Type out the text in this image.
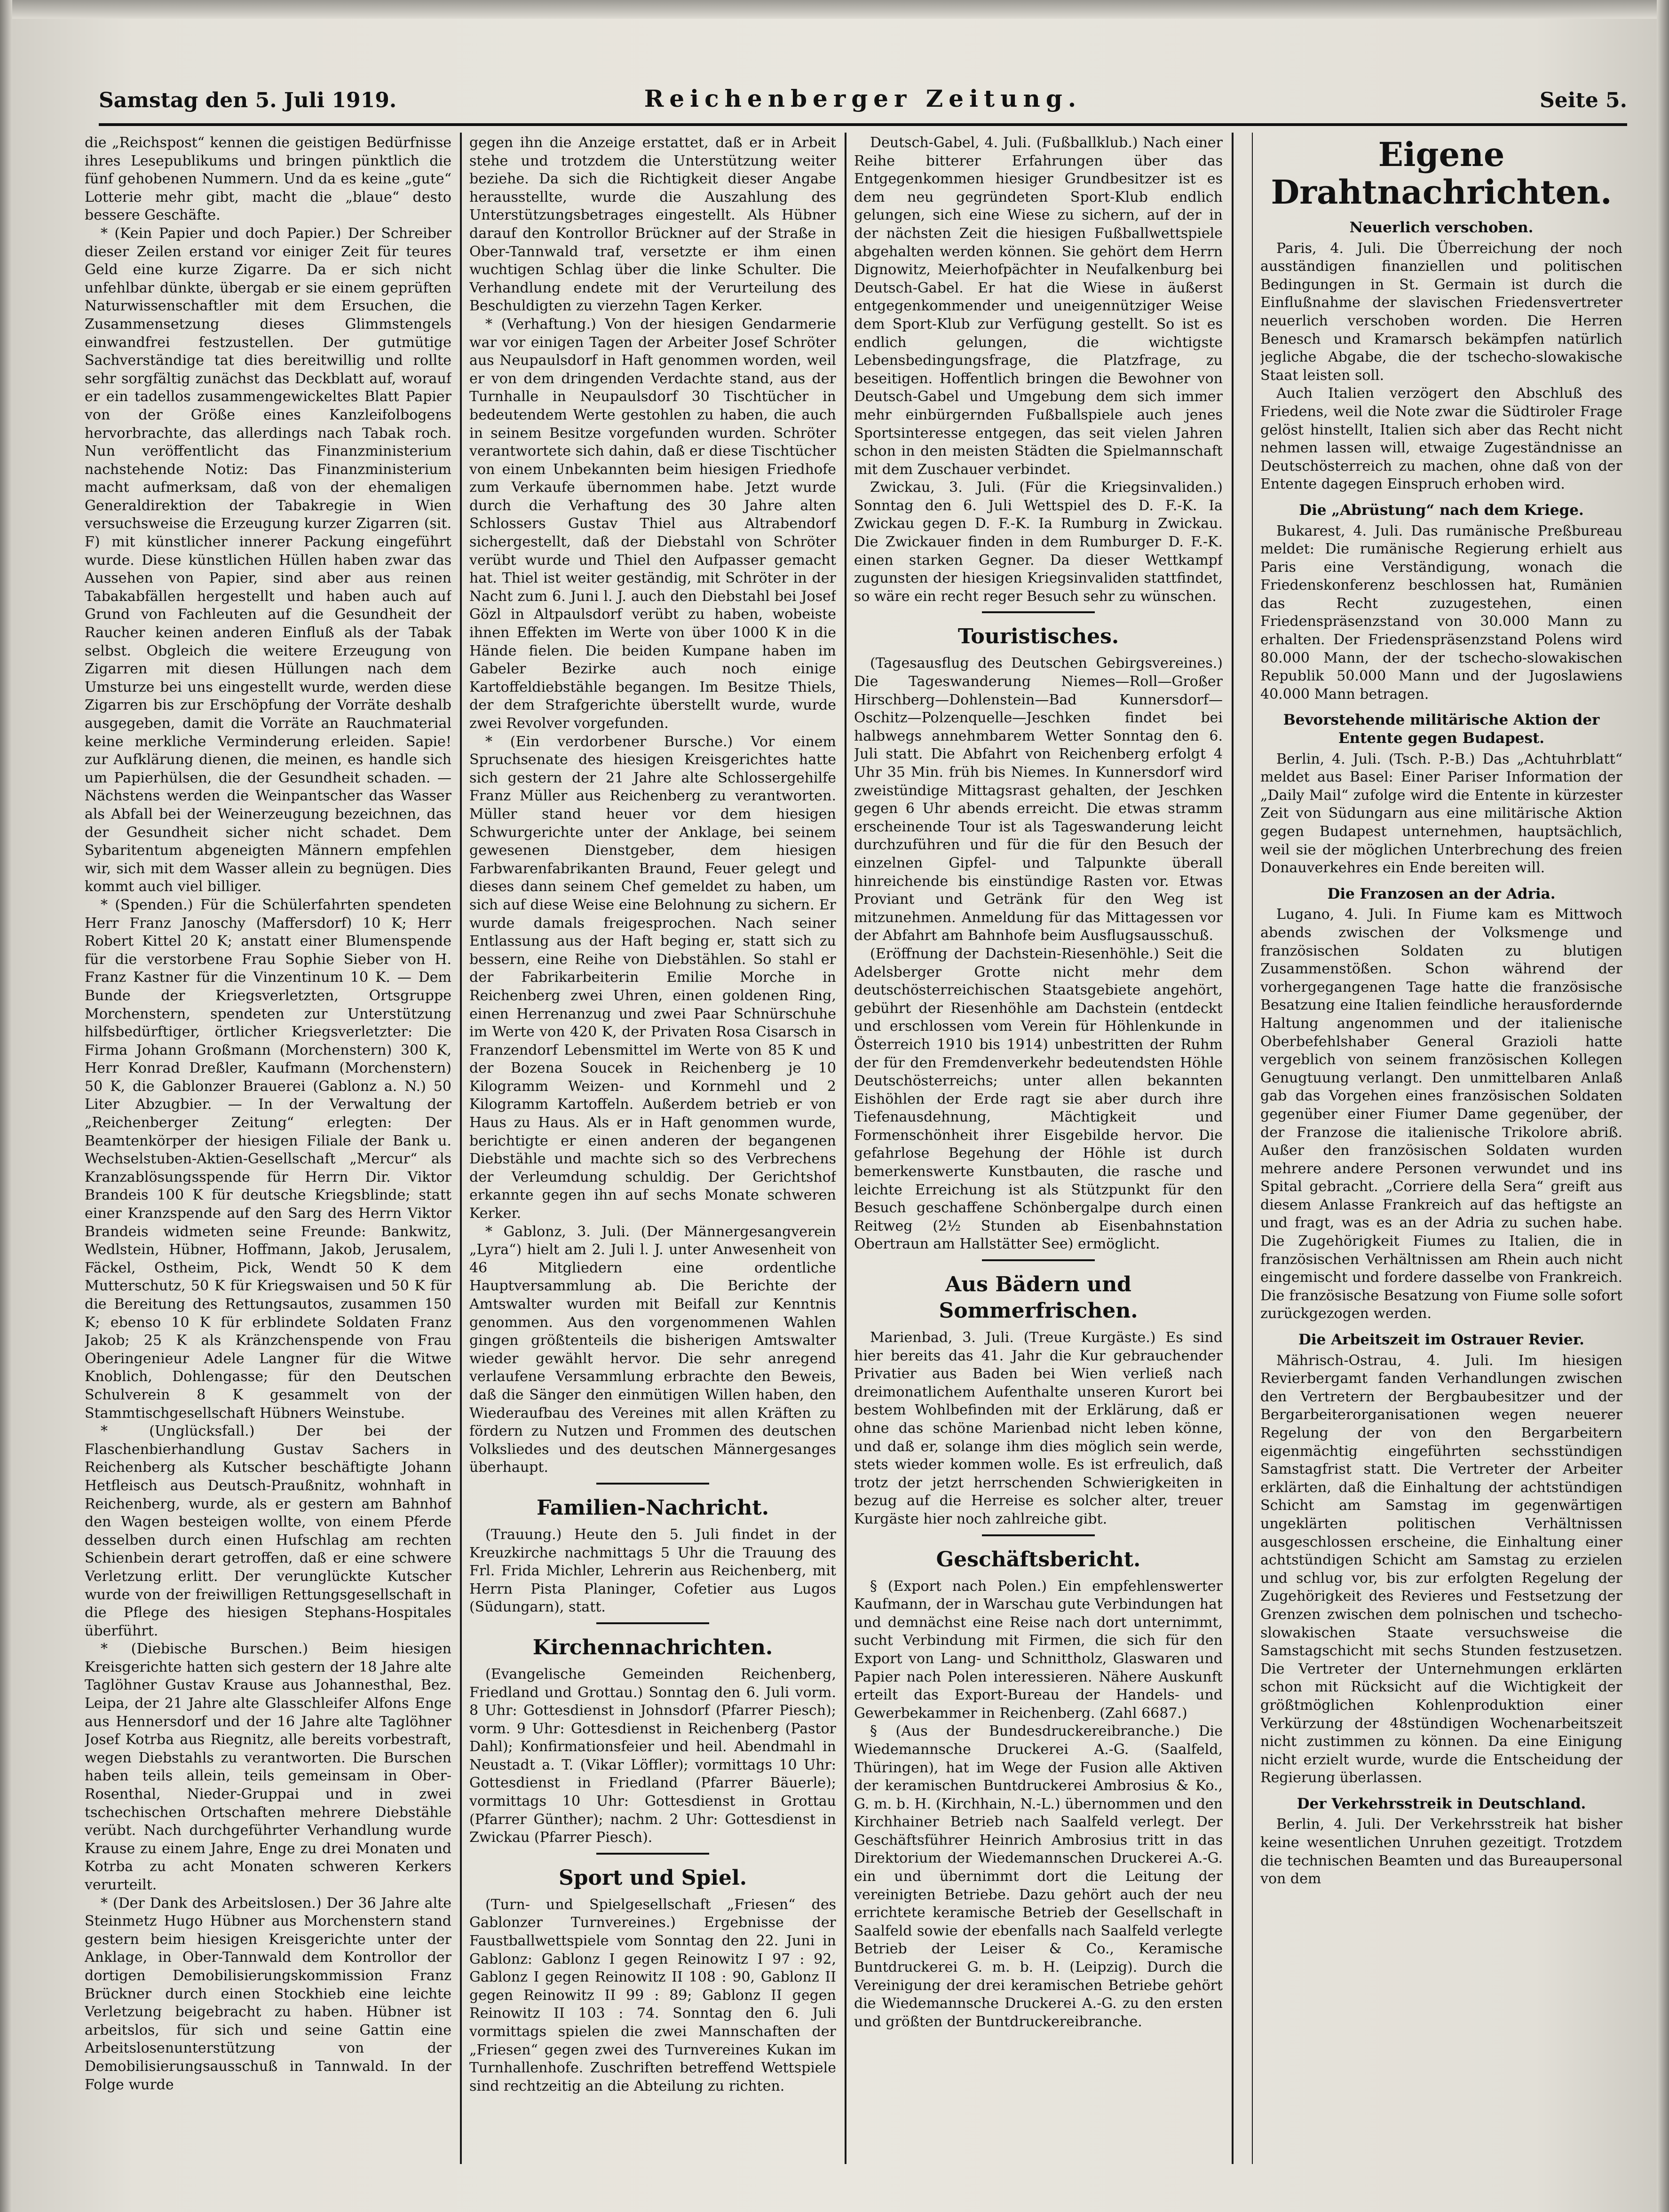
Samstag den 5. Juli 1919.	Reichenberger Zeitung.	Seite 5.

die „Reichspost“ kennen die geistigen Bedürfnisse ihres Lesepublikums und bringen pünktlich die fünf gehobenen Nummern. Und da es keine „gute“ Lotterie mehr gibt, macht die „blaue“ desto bessere Geschäfte.

* (Kein Papier und doch Papier.) Der Schreiber dieser Zeilen erstand vor einiger Zeit für teures Geld eine kurze Zigarre. Da er sich nicht unfehlbar dünkte, übergab er sie einem geprüften Naturwissenschaftler mit dem Ersuchen, die Zusammensetzung dieses Glimmstengels einwandfrei festzustellen. Der gutmütige Sachverständige tat dies bereitwillig und rollte sehr sorgfältig zunächst das Deckblatt auf, worauf er ein tadellos zusammengewickeltes Blatt Papier von der Größe eines Kanzleifolbogens hervorbrachte, das allerdings nach Tabak roch. Nun veröffentlicht das Finanzministerium nachstehende Notiz: Das Finanzministerium macht aufmerksam, daß von der ehemaligen Generaldirektion der Tabakregie in Wien versuchsweise die Erzeugung kurzer Zigarren (sit. F) mit künstlicher innerer Packung eingeführt wurde. Diese künstlichen Hüllen haben zwar das Aussehen von Papier, sind aber aus reinen Tabakabfällen hergestellt und haben auch auf Grund von Fachleuten auf die Gesundheit der Raucher keinen anderen Einfluß als der Tabak selbst. Obgleich die weitere Erzeugung von Zigarren mit diesen Hüllungen nach dem Umsturze bei uns eingestellt wurde, werden diese Zigarren bis zur Erschöpfung der Vorräte deshalb ausgegeben, damit die Vorräte an Rauchmaterial keine merkliche Verminderung erleiden. Sapie! zur Aufklärung dienen, die meinen, es handle sich um Papierhülsen, die der Gesundheit schaden. — Nächstens werden die Weinpantscher das Wasser als Abfall bei der Weinerzeugung bezeichnen, das der Gesundheit sicher nicht schadet. Dem Sybaritentum abgeneigten Männern empfehlen wir, sich mit dem Wasser allein zu begnügen. Dies kommt auch viel billiger.

* (Spenden.) Für die Schülerfahrten spendeten Herr Franz Janoschy (Maffersdorf) 10 K; Herr Robert Kittel 20 K; anstatt einer Blumenspende für die verstorbene Frau Sophie Sieber von H. Franz Kastner für die Vinzentinum 10 K. — Dem Bunde der Kriegsverletzten, Ortsgruppe Morchenstern, spendeten zur Unterstützung hilfsbedürftiger, örtlicher Kriegsverletzter: Die Firma Johann Großmann (Morchenstern) 300 K, Herr Konrad Dreßler, Kaufmann (Morchenstern) 50 K, die Gablonzer Brauerei (Gablonz a. N.) 50 Liter Abzugbier. — In der Verwaltung der „Reichenberger Zeitung“ erlegten: Der Beamtenkörper der hiesigen Filiale der Bank u. Wechselstuben-Aktien-Gesellschaft „Mercur“ als Kranzablösungsspende für Herrn Dir. Viktor Brandeis 100 K für deutsche Kriegsblinde; statt einer Kranzspende auf den Sarg des Herrn Viktor Brandeis widmeten seine Freunde: Bankwitz, Wedlstein, Hübner, Hoffmann, Jakob, Jerusalem, Fäckel, Ostheim, Pick, Wendt 50 K dem Mutterschutz, 50 K für Kriegswaisen und 50 K für die Bereitung des Rettungsautos, zusammen 150 K; ebenso 10 K für erblindete Soldaten Franz Jakob; 25 K als Kränzchenspende von Frau Oberingenieur Adele Langner für die Witwe Knoblich, Dohlengasse; für den Deutschen Schulverein 8 K gesammelt von der Stammtischgesellschaft Hübners Weinstube.

* (Unglücksfall.) Der bei der Flaschenbierhandlung Gustav Sachers in Reichenberg als Kutscher beschäftigte Johann Hetfleisch aus Deutsch-Praußnitz, wohnhaft in Reichenberg, wurde, als er gestern am Bahnhof den Wagen besteigen wollte, von einem Pferde desselben durch einen Hufschlag am rechten Schienbein derart getroffen, daß er eine schwere Verletzung erlitt. Der verunglückte Kutscher wurde von der freiwilligen Rettungsgesellschaft in die Pflege des hiesigen Stephans-Hospitales überführt.

* (Diebische Burschen.) Beim hiesigen Kreisgerichte hatten sich gestern der 18 Jahre alte Taglöhner Gustav Krause aus Johannesthal, Bez. Leipa, der 21 Jahre alte Glasschleifer Alfons Enge aus Hennersdorf und der 16 Jahre alte Taglöhner Josef Kotrba aus Riegnitz, alle bereits vorbestraft, wegen Diebstahls zu verantworten. Die Burschen haben teils allein, teils gemeinsam in Ober-Rosenthal, Nieder-Gruppai und in zwei tschechischen Ortschaften mehrere Diebstähle verübt. Nach durchgeführter Verhandlung wurde Krause zu einem Jahre, Enge zu drei Monaten und Kotrba zu acht Monaten schweren Kerkers verurteilt.

* (Der Dank des Arbeitslosen.) Der 36 Jahre alte Steinmetz Hugo Hübner aus Morchenstern stand gestern beim hiesigen Kreisgerichte unter der Anklage, in Ober-Tannwald dem Kontrollor der dortigen Demobilisierungskommission Franz Brückner durch einen Stockhieb eine leichte Verletzung beigebracht zu haben. Hübner ist arbeitslos, für sich und seine Gattin eine Arbeitslosenunterstützung von der Demobilisierungsausschuß in Tannwald. In der Folge wurde

gegen ihn die Anzeige erstattet, daß er in Arbeit stehe und trotzdem die Unterstützung weiter beziehe. Da sich die Richtigkeit dieser Angabe herausstellte, wurde die Auszahlung des Unterstützungsbetrages eingestellt. Als Hübner darauf den Kontrollor Brückner auf der Straße in Ober-Tannwald traf, versetzte er ihm einen wuchtigen Schlag über die linke Schulter. Die Verhandlung endete mit der Verurteilung des Beschuldigten zu vierzehn Tagen Kerker.

* (Verhaftung.) Von der hiesigen Gendarmerie war vor einigen Tagen der Arbeiter Josef Schröter aus Neupaulsdorf in Haft genommen worden, weil er von dem dringenden Verdachte stand, aus der Turnhalle in Neupaulsdorf 30 Tischtücher in bedeutendem Werte gestohlen zu haben, die auch in seinem Besitze vorgefunden wurden. Schröter verantwortete sich dahin, daß er diese Tischtücher von einem Unbekannten beim hiesigen Friedhofe zum Verkaufe übernommen habe. Jetzt wurde durch die Verhaftung des 30 Jahre alten Schlossers Gustav Thiel aus Altrabendorf sichergestellt, daß der Diebstahl von Schröter verübt wurde und Thiel den Aufpasser gemacht hat. Thiel ist weiter geständig, mit Schröter in der Nacht zum 6. Juni l. J. auch den Diebstahl bei Josef Gözl in Altpaulsdorf verübt zu haben, wobeiste ihnen Effekten im Werte von über 1000 K in die Hände fielen. Die beiden Kumpane haben im Gabeler Bezirke auch noch einige Kartoffeldiebstähle begangen. Im Besitze Thiels, der dem Strafgerichte überstellt wurde, wurde zwei Revolver vorgefunden.

* (Ein verdorbener Bursche.) Vor einem Spruchsenate des hiesigen Kreisgerichtes hatte sich gestern der 21 Jahre alte Schlossergehilfe Franz Müller aus Reichenberg zu verantworten. Müller stand heuer vor dem hiesigen Schwurgerichte unter der Anklage, bei seinem gewesenen Dienstgeber, dem hiesigen Farbwarenfabrikanten Braund, Feuer gelegt und dieses dann seinem Chef gemeldet zu haben, um sich auf diese Weise eine Belohnung zu sichern. Er wurde damals freigesprochen. Nach seiner Entlassung aus der Haft beging er, statt sich zu bessern, eine Reihe von Diebstählen. So stahl er der Fabrikarbeiterin Emilie Morche in Reichenberg zwei Uhren, einen goldenen Ring, einen Herrenanzug und zwei Paar Schnürschuhe im Werte von 420 K, der Privaten Rosa Cisarsch in Franzendorf Lebensmittel im Werte von 85 K und der Bozena Soucek in Reichenberg je 10 Kilogramm Weizen- und Kornmehl und 2 Kilogramm Kartoffeln. Außerdem betrieb er von Haus zu Haus. Als er in Haft genommen wurde, berichtigte er einen anderen der begangenen Diebstähle und machte sich so des Verbrechens der Verleumdung schuldig. Der Gerichtshof erkannte gegen ihn auf sechs Monate schweren Kerker.

* Gablonz, 3. Juli. (Der Männergesangverein „Lyra“) hielt am 2. Juli l. J. unter Anwesenheit von 46 Mitgliedern eine ordentliche Hauptversammlung ab. Die Berichte der Amtswalter wurden mit Beifall zur Kenntnis genommen. Aus den vorgenommenen Wahlen gingen größtenteils die bisherigen Amtswalter wieder gewählt hervor. Die sehr anregend verlaufene Versammlung erbrachte den Beweis, daß die Sänger den einmütigen Willen haben, den Wiederaufbau des Vereines mit allen Kräften zu fördern zu Nutzen und Frommen des deutschen Volksliedes und des deutschen Männergesanges überhaupt.

Familien-Nachricht.

(Trauung.) Heute den 5. Juli findet in der Kreuzkirche nachmittags 5 Uhr die Trauung des Frl. Frida Michler, Lehrerin aus Reichenberg, mit Herrn Pista Planinger, Cofetier aus Lugos (Südungarn), statt.

Kirchennachrichten.

(Evangelische Gemeinden Reichenberg, Friedland und Grottau.) Sonntag den 6. Juli vorm. 8 Uhr: Gottesdienst in Johnsdorf (Pfarrer Piesch); vorm. 9 Uhr: Gottesdienst in Reichenberg (Pastor Dahl); Konfirmationsfeier und heil. Abendmahl in Neustadt a. T. (Vikar Löffler); vormittags 10 Uhr: Gottesdienst in Friedland (Pfarrer Bäuerle); vormittags 10 Uhr: Gottesdienst in Grottau (Pfarrer Günther); nachm. 2 Uhr: Gottesdienst in Zwickau (Pfarrer Piesch).

Sport und Spiel.

(Turn- und Spielgesellschaft „Friesen“ des Gablonzer Turnvereines.) Ergebnisse der Faustballwettspiele vom Sonntag den 22. Juni in Gablonz: Gablonz I gegen Reinowitz I 97 : 92, Gablonz I gegen Reinowitz II 108 : 90, Gablonz II gegen Reinowitz II 99 : 89; Gablonz II gegen Reinowitz II 103 : 74. Sonntag den 6. Juli vormittags spielen die zwei Mannschaften der „Friesen“ gegen zwei des Turnvereines Kukan im Turnhallenhofe. Zuschriften betreffend Wettspiele sind rechtzeitig an die Abteilung zu richten.

Deutsch-Gabel, 4. Juli. (Fußballklub.) Nach einer Reihe bitterer Erfahrungen über das Entgegenkommen hiesiger Grundbesitzer ist es dem neu gegründeten Sport-Klub endlich gelungen, sich eine Wiese zu sichern, auf der in der nächsten Zeit die hiesigen Fußballwettspiele abgehalten werden können. Sie gehört dem Herrn Dignowitz, Meierhofpächter in Neufalkenburg bei Deutsch-Gabel. Er hat die Wiese in äußerst entgegenkommender und uneigennütziger Weise dem Sport-Klub zur Verfügung gestellt. So ist es endlich gelungen, die wichtigste Lebensbedingungsfrage, die Platzfrage, zu beseitigen. Hoffentlich bringen die Bewohner von Deutsch-Gabel und Umgebung dem sich immer mehr einbürgernden Fußballspiele auch jenes Sportsinteresse entgegen, das seit vielen Jahren schon in den meisten Städten die Spielmannschaft mit dem Zuschauer verbindet.

Zwickau, 3. Juli. (Für die Kriegsinvaliden.) Sonntag den 6. Juli Wettspiel des D. F.-K. Ia Zwickau gegen D. F.-K. Ia Rumburg in Zwickau. Die Zwickauer finden in dem Rumburger D. F.-K. einen starken Gegner. Da dieser Wettkampf zugunsten der hiesigen Kriegsinvaliden stattfindet, so wäre ein recht reger Besuch sehr zu wünschen.

Touristisches.

(Tagesausflug des Deutschen Gebirgsvereines.) Die Tageswanderung Niemes—Roll—Großer Hirschberg—Dohlenstein—Bad Kunnersdorf—Oschitz—Polzenquelle—Jeschken findet bei halbwegs annehmbarem Wetter Sonntag den 6. Juli statt. Die Abfahrt von Reichenberg erfolgt 4 Uhr 35 Min. früh bis Niemes. In Kunnersdorf wird zweistündige Mittagsrast gehalten, der Jeschken gegen 6 Uhr abends erreicht. Die etwas stramm erscheinende Tour ist als Tageswanderung leicht durchzuführen und für die für den Besuch der einzelnen Gipfel- und Talpunkte überall hinreichende bis einstündige Rasten vor. Etwas Proviant und Getränk für den Weg ist mitzunehmen. Anmeldung für das Mittagessen vor der Abfahrt am Bahnhofe beim Ausflugsausschuß.

(Eröffnung der Dachstein-Riesenhöhle.) Seit die Adelsberger Grotte nicht mehr dem deutschösterreichischen Staatsgebiete angehört, gebührt der Riesenhöhle am Dachstein (entdeckt und erschlossen vom Verein für Höhlenkunde in Österreich 1910 bis 1914) unbestritten der Ruhm der für den Fremdenverkehr bedeutendsten Höhle Deutschösterreichs; unter allen bekannten Eishöhlen der Erde ragt sie aber durch ihre Tiefenausdehnung, Mächtigkeit und Formenschönheit ihrer Eisgebilde hervor. Die gefahrlose Begehung der Höhle ist durch bemerkenswerte Kunstbauten, die rasche und leichte Erreichung ist als Stützpunkt für den Besuch geschaffene Schönbergalpe durch einen Reitweg (2½ Stunden ab Eisenbahnstation Obertraun am Hallstätter See) ermöglicht.

Aus Bädern und Sommerfrischen.

Marienbad, 3. Juli. (Treue Kurgäste.) Es sind hier bereits das 41. Jahr die Kur gebrauchender Privatier aus Baden bei Wien verließ nach dreimonatlichem Aufenthalte unseren Kurort bei bestem Wohlbefinden mit der Erklärung, daß er ohne das schöne Marienbad nicht leben könne, und daß er, solange ihm dies möglich sein werde, stets wieder kommen wolle. Es ist erfreulich, daß trotz der jetzt herrschenden Schwierigkeiten in bezug auf die Herreise es solcher alter, treuer Kurgäste hier noch zahlreiche gibt.

Geschäftsbericht.

§ (Export nach Polen.) Ein empfehlenswerter Kaufmann, der in Warschau gute Verbindungen hat und demnächst eine Reise nach dort unternimmt, sucht Verbindung mit Firmen, die sich für den Export von Lang- und Schnittholz, Glaswaren und Papier nach Polen interessieren. Nähere Auskunft erteilt das Export-Bureau der Handels- und Gewerbekammer in Reichenberg. (Zahl 6687.)

§ (Aus der Bundesdruckereibranche.) Die Wiedemannsche Druckerei A.-G. (Saalfeld, Thüringen), hat im Wege der Fusion alle Aktiven der keramischen Buntdruckerei Ambrosius & Ko., G. m. b. H. (Kirchhain, N.-L.) übernommen und den Kirchhainer Betrieb nach Saalfeld verlegt. Der Geschäftsführer Heinrich Ambrosius tritt in das Direktorium der Wiedemannschen Druckerei A.-G. ein und übernimmt dort die Leitung der vereinigten Betriebe. Dazu gehört auch der neu errichtete keramische Betrieb der Gesellschaft in Saalfeld sowie der ebenfalls nach Saalfeld verlegte Betrieb der Leiser & Co., Keramische Buntdruckerei G. m. b. H. (Leipzig). Durch die Vereinigung der drei keramischen Betriebe gehört die Wiedemannsche Druckerei A.-G. zu den ersten und größten der Buntdruckereibranche.

Eigene Drahtnachrichten.
Neuerlich verschoben.

Paris, 4. Juli. Die Überreichung der noch ausständigen finanziellen und politischen Bedingungen in St. Germain ist durch die Einflußnahme der slavischen Friedensvertreter neuerlich verschoben worden. Die Herren Benesch und Kramarsch bekämpfen natürlich jegliche Abgabe, die der tschecho-slowakische Staat leisten soll.

Auch Italien verzögert den Abschluß des Friedens, weil die Note zwar die Südtiroler Frage gelöst hinstellt, Italien sich aber das Recht nicht nehmen lassen will, etwaige Zugeständnisse an Deutschösterreich zu machen, ohne daß von der Entente dagegen Einspruch erhoben wird.

Die „Abrüstung“ nach dem Kriege.

Bukarest, 4. Juli. Das rumänische Preßbureau meldet: Die rumänische Regierung erhielt aus Paris eine Verständigung, wonach die Friedenskonferenz beschlossen hat, Rumänien das Recht zuzugestehen, einen Friedenspräsenzstand von 30.000 Mann zu erhalten. Der Friedenspräsenzstand Polens wird 80.000 Mann, der der tschecho-slowakischen Republik 50.000 Mann und der Jugoslawiens 40.000 Mann betragen.

Bevorstehende militärische Aktion der Entente gegen Budapest.

Berlin, 4. Juli. (Tsch. P.-B.) Das „Achtuhrblatt“ meldet aus Basel: Einer Pariser Information der „Daily Mail“ zufolge wird die Entente in kürzester Zeit von Südungarn aus eine militärische Aktion gegen Budapest unternehmen, hauptsächlich, weil sie der möglichen Unterbrechung des freien Donauverkehres ein Ende bereiten will.

Die Franzosen an der Adria.

Lugano, 4. Juli. In Fiume kam es Mittwoch abends zwischen der Volksmenge und französischen Soldaten zu blutigen Zusammenstößen. Schon während der vorhergegangenen Tage hatte die französische Besatzung eine Italien feindliche herausfordernde Haltung angenommen und der italienische Oberbefehlshaber General Grazioli hatte vergeblich von seinem französischen Kollegen Genugtuung verlangt. Den unmittelbaren Anlaß gab das Vorgehen eines französischen Soldaten gegenüber einer Fiumer Dame gegenüber, der der Franzose die italienische Trikolore abriß. Außer den französischen Soldaten wurden mehrere andere Personen verwundet und ins Spital gebracht. „Corriere della Sera“ greift aus diesem Anlasse Frankreich auf das heftigste an und fragt, was es an der Adria zu suchen habe. Die Zugehörigkeit Fiumes zu Italien, die in französischen Verhältnissen am Rhein auch nicht eingemischt und fordere dasselbe von Frankreich. Die französische Besatzung von Fiume solle sofort zurückgezogen werden.

Die Arbeitszeit im Ostrauer Revier.

Mährisch-Ostrau, 4. Juli. Im hiesigen Revierbergamt fanden Verhandlungen zwischen den Vertretern der Bergbaubesitzer und der Bergarbeiterorganisationen wegen neuerer Regelung der von den Bergarbeitern eigenmächtig eingeführten sechsstündigen Samstagfrist statt. Die Vertreter der Arbeiter erklärten, daß die Einhaltung der achtstündigen Schicht am Samstag im gegenwärtigen ungeklärten politischen Verhältnissen ausgeschlossen erscheine, die Einhaltung einer achtstündigen Schicht am Samstag zu erzielen und schlug vor, bis zur erfolgten Regelung der Zugehörigkeit des Revieres und Festsetzung der Grenzen zwischen dem polnischen und tschecho-slowakischen Staate versuchsweise die Samstagschicht mit sechs Stunden festzusetzen. Die Vertreter der Unternehmungen erklärten schon mit Rücksicht auf die Wichtigkeit der größtmöglichen Kohlenproduktion einer Verkürzung der 48stündigen Wochenarbeitszeit nicht zustimmen zu können. Da eine Einigung nicht erzielt wurde, wurde die Entscheidung der Regierung überlassen.

Der Verkehrsstreik in Deutschland.

Berlin, 4. Juli. Der Verkehrsstreik hat bisher keine wesentlichen Unruhen gezeitigt. Trotzdem die technischen Beamten und das Bureaupersonal von dem
